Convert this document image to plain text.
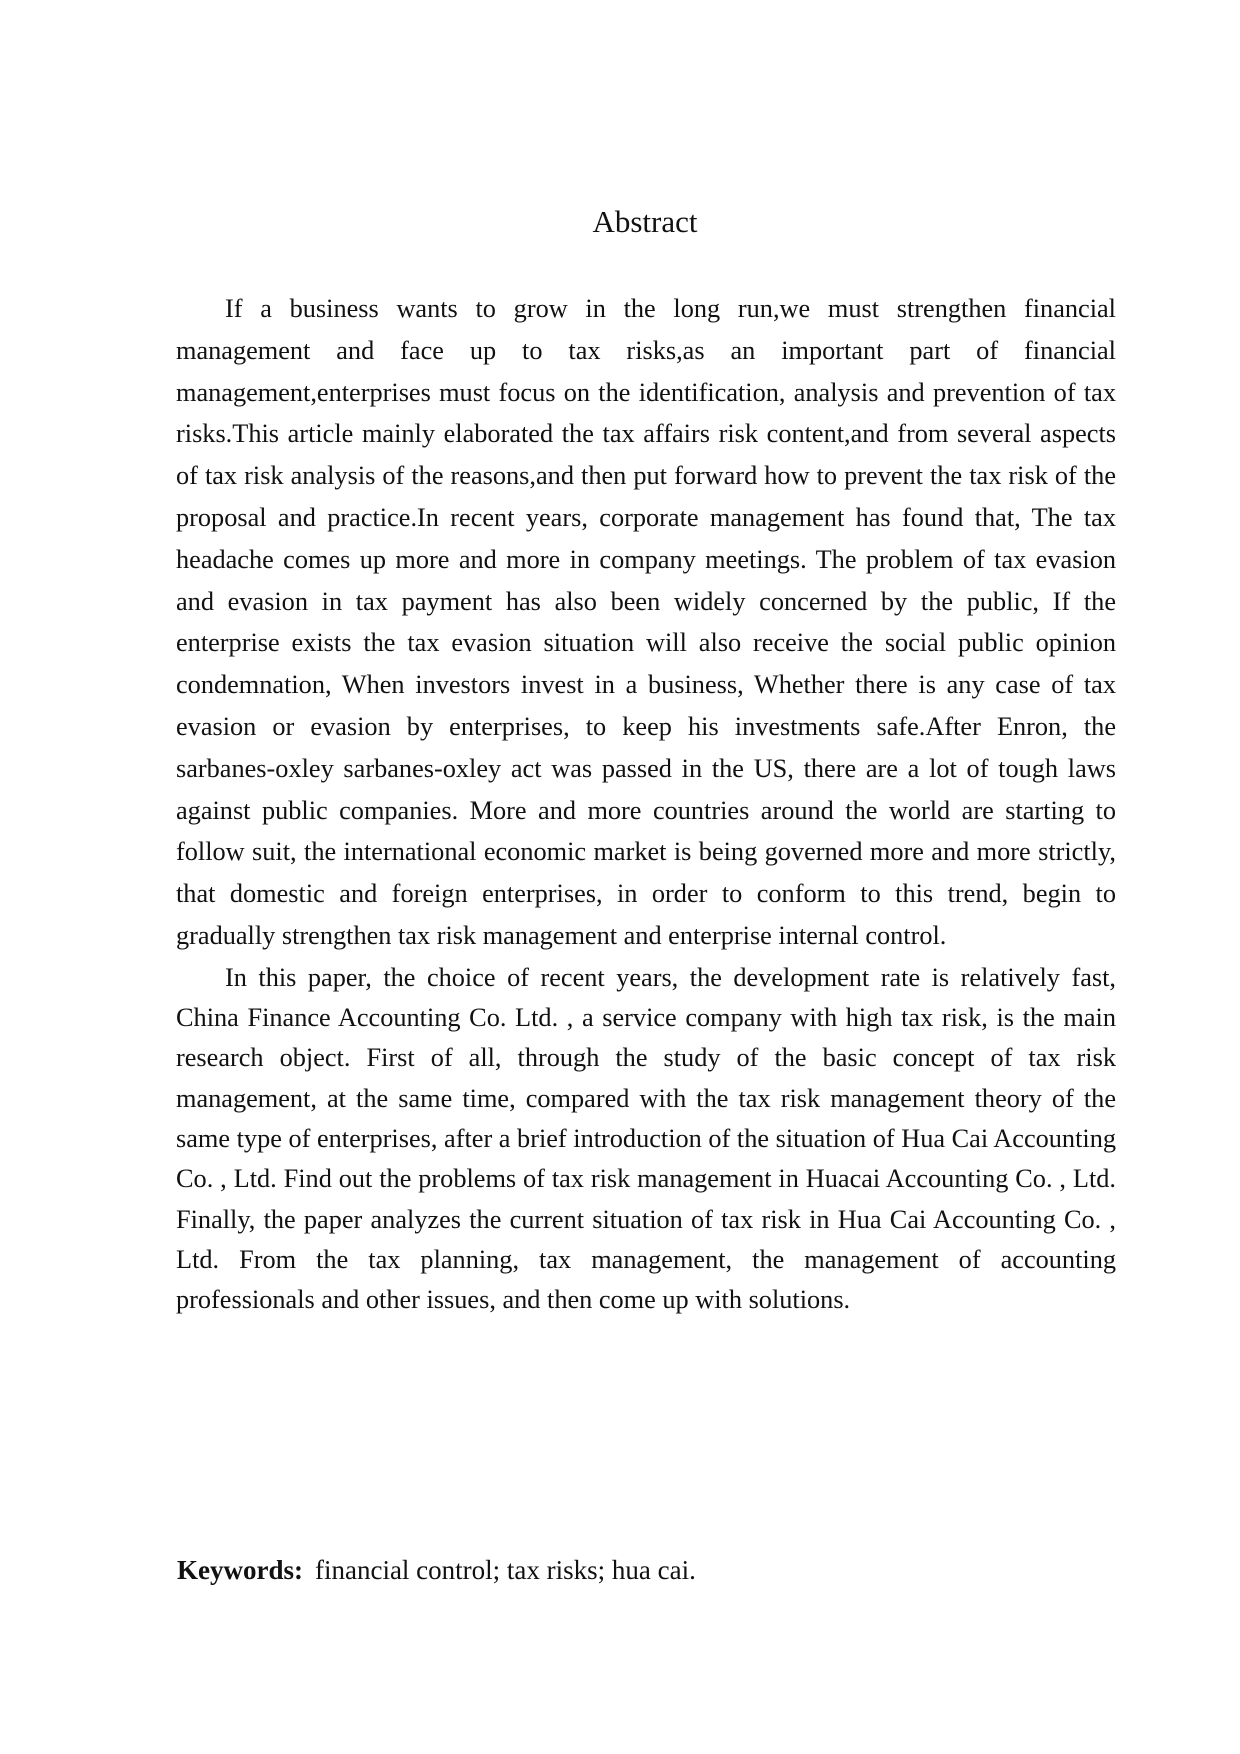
Abstract

If a business wants to grow in the long run,we must strengthen financial management and face up to tax risks,as an important part of financial management,enterprises must focus on the identification, analysis and prevention of tax risks.This article mainly elaborated the tax affairs risk content,and from several aspects of tax risk analysis of the reasons,and then put forward how to prevent the tax risk of the proposal and practice.In recent years, corporate management has found that, The tax headache comes up more and more in company meetings. The problem of tax evasion and evasion in tax payment has also been widely concerned by the public, If the enterprise exists the tax evasion situation will also receive the social public opinion condemnation, When investors invest in a business, Whether there is any case of tax evasion or evasion by enterprises, to keep his investments safe.After Enron, the sarbanes-oxley sarbanes-oxley act was passed in the US, there are a lot of tough laws against public companies. More and more countries around the world are starting to follow suit, the international economic market is being governed more and more strictly, that domestic and foreign enterprises, in order to conform to this trend, begin to gradually strengthen tax risk management and enterprise internal control.

In this paper, the choice of recent years, the development rate is relatively fast, China Finance Accounting Co. Ltd. , a service company with high tax risk, is the main research object. First of all, through the study of the basic concept of tax risk management, at the same time, compared with the tax risk management theory of the same type of enterprises, after a brief introduction of the situation of Hua Cai Accounting Co. , Ltd. Find out the problems of tax risk management in Huacai Accounting Co. , Ltd. Finally, the paper analyzes the current situation of tax risk in Hua Cai Accounting Co. , Ltd. From the tax planning, tax management, the management of accounting professionals and other issues, and then come up with solutions.

Keywords: financial control; tax risks; hua cai.
